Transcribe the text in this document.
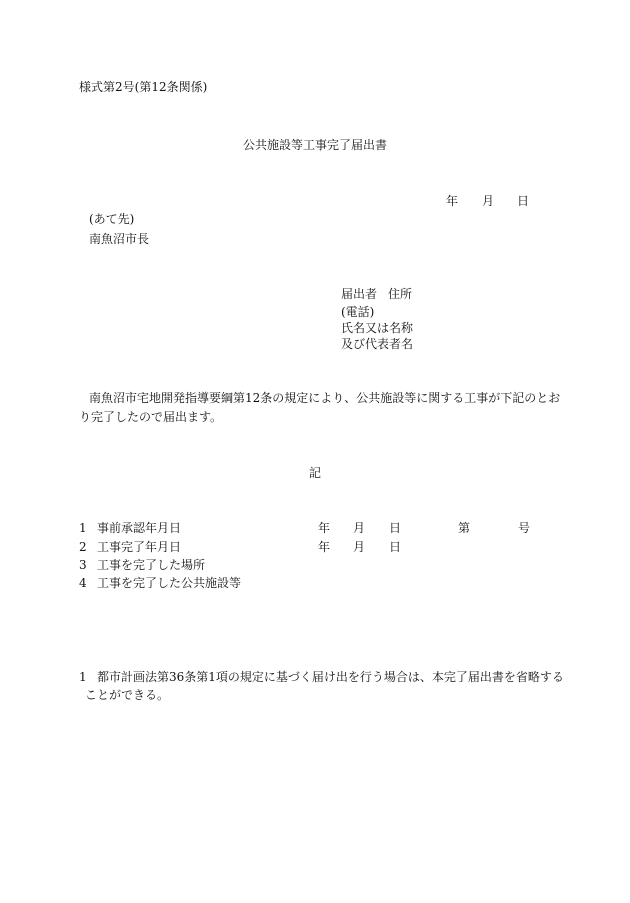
様式第2号(第12条関係)
公共施設等工事完了届出書
年 月 日
(あて先)
南魚沼市長
届出者 住所
(電話)
氏名又は名称
及び代表者名
南魚沼市宅地開発指導要綱第12条の規定により、公共施設等に関する工事が下記のとお
り完了したので届出ます。
記
1 事前承認年月日	年 月 日	第	号
2 工事完了年月日	年 月 日
3 工事を完了した場所
4 工事を完了した公共施設等
1 都市計画法第36条第1項の規定に基づく届け出を行う場合は、本完了届出書を省略する
ことができる。
